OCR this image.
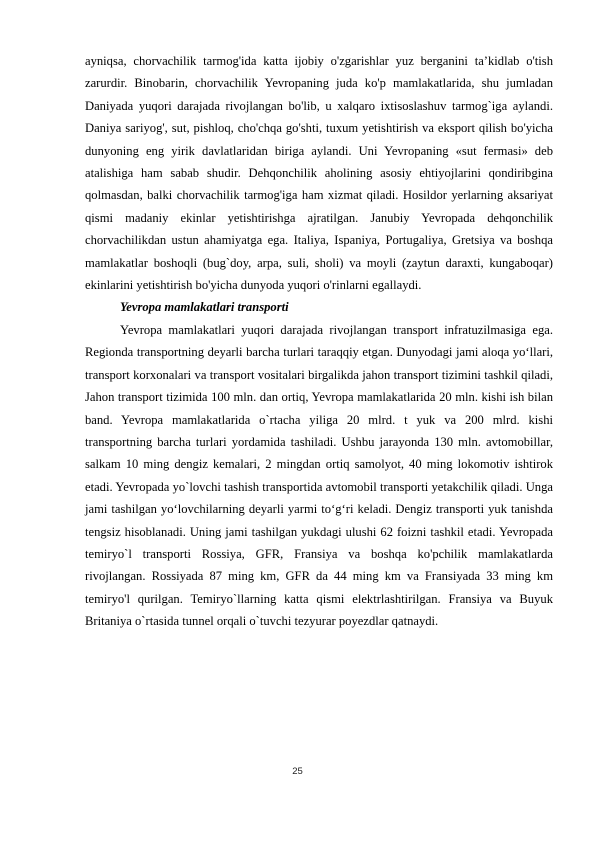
ayniqsa, chorvachilik tarmog'ida katta ijobiy o'zgarishlar yuz berganini ta’kidlab o'tish zarurdir. Binobarin, chorvachilik Yevropaning juda ko'p mamlakatlarida, shu jumladan Daniyada yuqori darajada rivojlangan bo'lib, u xalqaro ixtisoslashuv tarmog`iga aylandi. Daniya sariyog', sut, pishloq, cho'chqa go'shti, tuxum yetishtirish va eksport qilish bo'yicha dunyoning eng yirik davlatlaridan biriga aylandi. Uni Yevropaning «sut fermasi» deb atalishiga ham sabab shudir. Dehqonchilik aholining asosiy ehtiyojlarini qondiribgina qolmasdan, balki chorvachilik tarmog'iga ham xizmat qiladi. Hosildor yerlarning aksariyat qismi madaniy ekinlar yetishtirishga ajratilgan. Janubiy Yevropada dehqonchilik chorvachilikdan ustun ahamiyatga ega. Italiya, Ispaniya, Portugaliya, Gretsiya va boshqa mamlakatlar boshoqli (bug`doy, arpa, suli, sholi) va moyli (zaytun daraxti, kungaboqar) ekinlarini yetishtirish bo'yicha dunyoda yuqori o'rinlarni egallaydi.

Yevropa mamlakatlari transporti

Yevropa mamlakatlari yuqori darajada rivojlangan transport infratuzilmasiga ega. Regionda transportning deyarli barcha turlari taraqqiy etgan. Dunyodagi jami aloqa yo‘llari, transport korxonalari va transport vositalari birgalikda jahon transport tizimini tashkil qiladi, Jahon transport tizimida 100 mln. dan ortiq, Yevropa mamlakatlarida 20 mln. kishi ish bilan band. Yevropa mamlakatlarida o`rtacha yiliga 20 mlrd. t yuk va 200 mlrd. kishi transportning barcha turlari yordamida tashiladi. Ushbu jarayonda 130 mln. avtomobillar, salkam 10 ming dengiz kemalari, 2 mingdan ortiq samolyot, 40 ming lokomotiv ishtirok etadi. Yevropada yo`lovchi tashish transportida avtomobil transporti yetakchilik qiladi. Unga jami tashilgan yo‘lovchilarning deyarli yarmi to‘g‘ri keladi. Dengiz transporti yuk tanishda tengsiz hisoblanadi. Uning jami tashilgan yukdagi ulushi 62 foizni tashkil etadi. Yevropada temiryo`l transporti Rossiya, GFR, Fransiya va boshqa ko'pchilik mamlakatlarda rivojlangan. Rossiyada 87 ming km, GFR da 44 ming km va Fransiyada 33 ming km temiryo'l qurilgan. Temiryo`llarning katta qismi elektrlashtirilgan. Fransiya va Buyuk Britaniya o`rtasida tunnel orqali o`tuvchi tezyurar poyezdlar qatnaydi.

25
